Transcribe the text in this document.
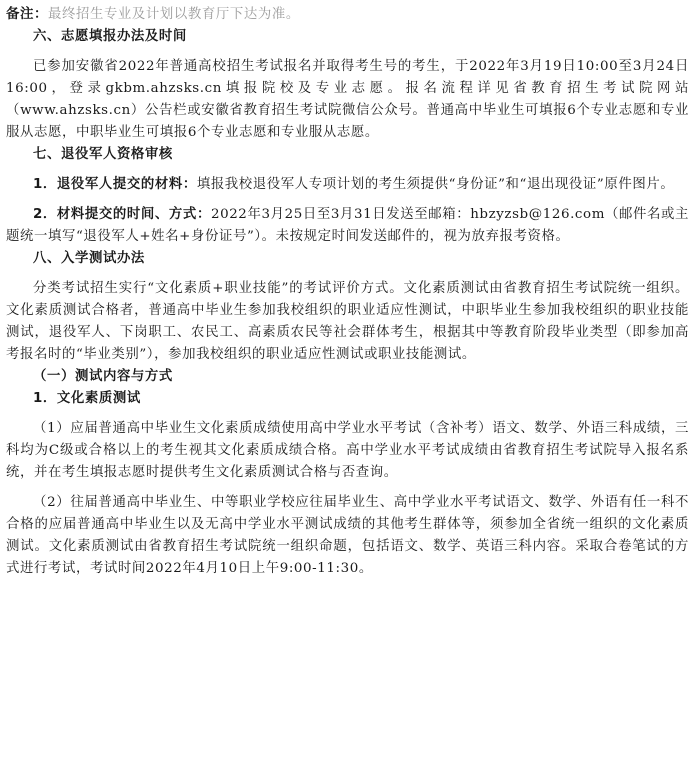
备注：最终招生专业及计划以教育厅下达为准。

六、志愿填报办法及时间

已参加安徽省2022年普通高校招生考试报名并取得考生号的考生，于2022年3月19日10:00至3月24日16:00，登录gkbm.ahzsks.cn填报院校及专业志愿。报名流程详见省教育招生考试院网站（www.ahzsks.cn）公告栏或安徽省教育招生考试院微信公众号。普通高中毕业生可填报6个专业志愿和专业服从志愿，中职毕业生可填报6个专业志愿和专业服从志愿。

七、退役军人资格审核

1．退役军人提交的材料：填报我校退役军人专项计划的考生须提供“身份证”和“退出现役证”原件图片。

2．材料提交的时间、方式：2022年3月25日至3月31日发送至邮箱：hbzyzsb@126.com（邮件名或主题统一填写“退役军人+姓名+身份证号”）。未按规定时间发送邮件的，视为放弃报考资格。

八、入学测试办法

分类考试招生实行“文化素质+职业技能”的考试评价方式。文化素质测试由省教育招生考试院统一组织。文化素质测试合格者，普通高中毕业生参加我校组织的职业适应性测试，中职毕业生参加我校组织的职业技能测试，退役军人、下岗职工、农民工、高素质农民等社会群体考生，根据其中等教育阶段毕业类型（即参加高考报名时的“毕业类别”），参加我校组织的职业适应性测试或职业技能测试。

（一）测试内容与方式

1．文化素质测试

（1）应届普通高中毕业生文化素质成绩使用高中学业水平考试（含补考）语文、数学、外语三科成绩，三科均为C级或合格以上的考生视其文化素质成绩合格。高中学业水平考试成绩由省教育招生考试院导入报名系统，并在考生填报志愿时提供考生文化素质测试合格与否查询。

（2）往届普通高中毕业生、中等职业学校应往届毕业生、高中学业水平考试语文、数学、外语有任一科不合格的应届普通高中毕业生以及无高中学业水平测试成绩的其他考生群体等，须参加全省统一组织的文化素质测试。文化素质测试由省教育招生考试院统一组织命题，包括语文、数学、英语三科内容。采取合卷笔试的方式进行考试，考试时间2022年4月10日上午9:00-11:30。
